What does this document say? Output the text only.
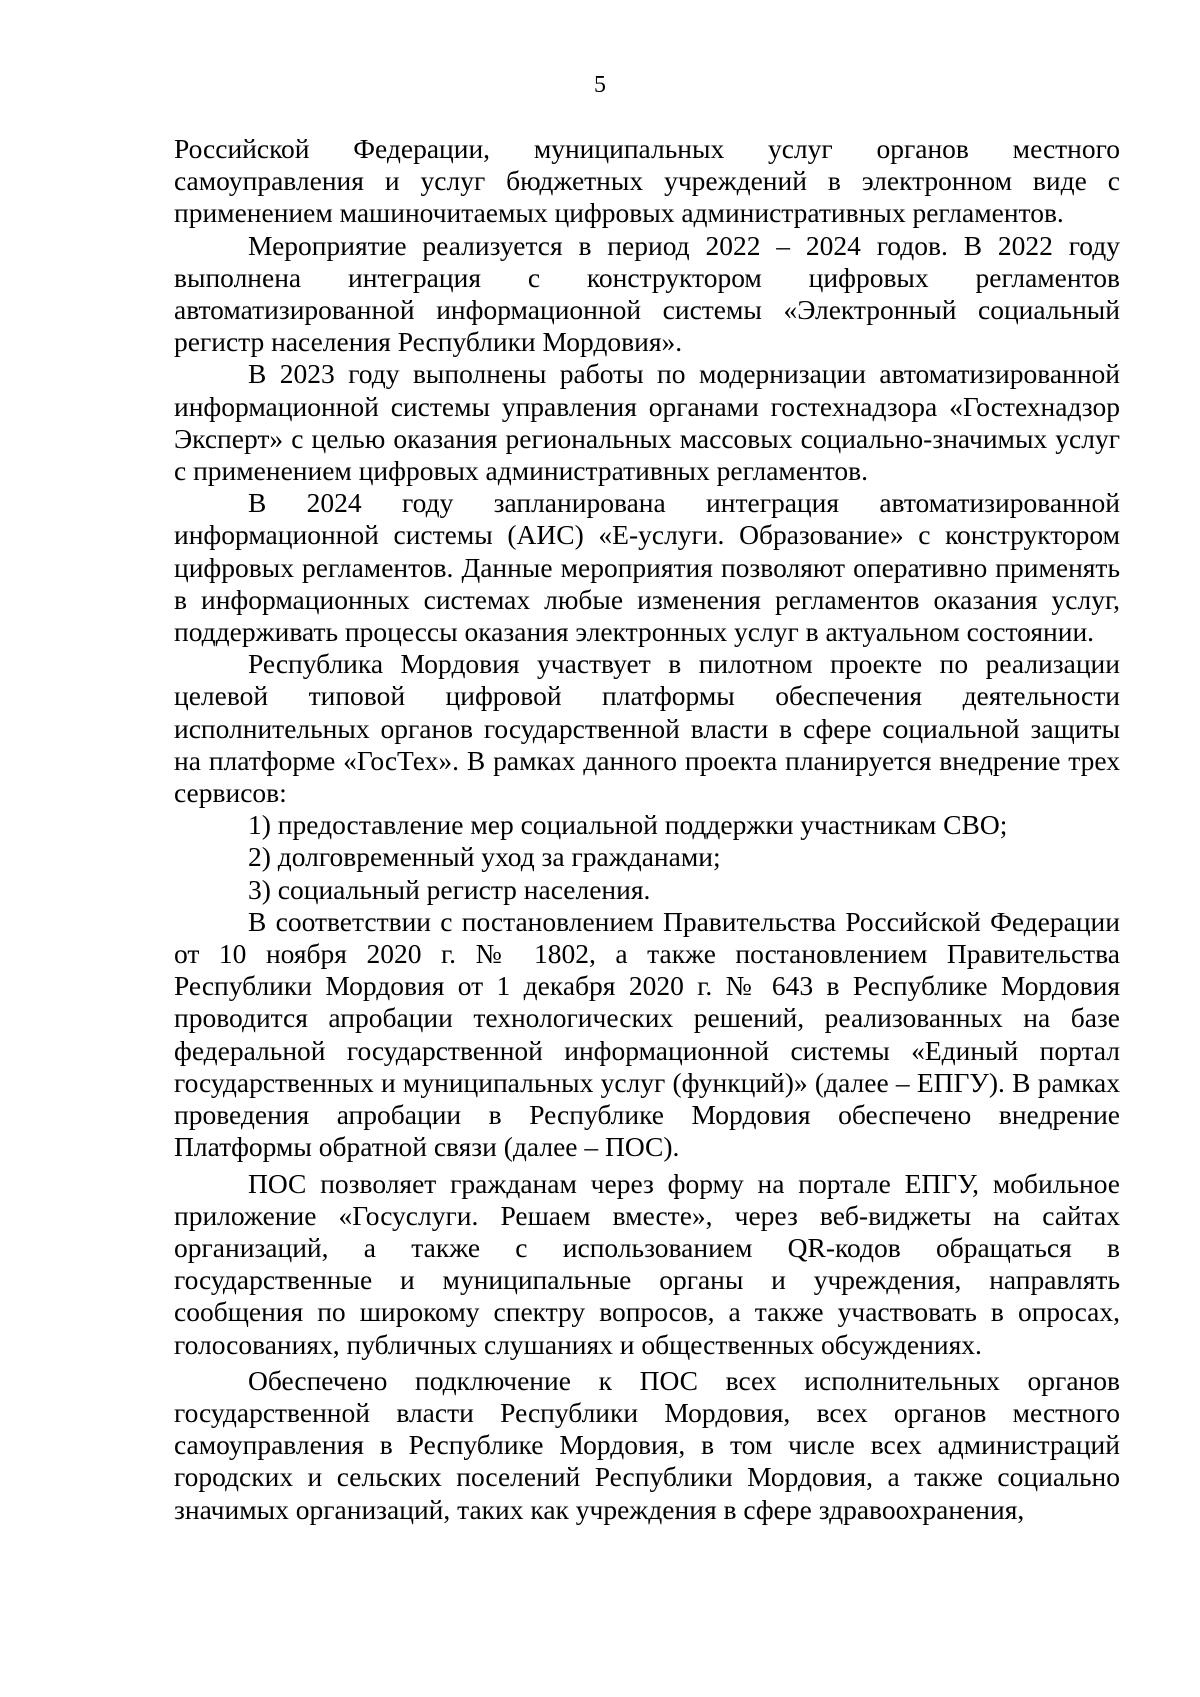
5

Российской Федерации, муниципальных услуг органов местного самоуправления и услуг бюджетных учреждений в электронном виде с применением машиночитаемых цифровых административных регламентов.

Мероприятие реализуется в период 2022 – 2024 годов. В 2022 году выполнена интеграция с конструктором цифровых регламентов автоматизированной информационной системы «Электронный социальный регистр населения Республики Мордовия».

В 2023 году выполнены работы по модернизации автоматизированной информационной системы управления органами гостехнадзора «Гостехнадзор Эксперт» с целью оказания региональных массовых социально-значимых услуг с применением цифровых административных регламентов.

В 2024 году запланирована интеграция автоматизированной информационной системы (АИС) «Е-услуги. Образование» с конструктором цифровых регламентов. Данные мероприятия позволяют оперативно применять в информационных системах любые изменения регламентов оказания услуг, поддерживать процессы оказания электронных услуг в актуальном состоянии.

Республика Мордовия участвует в пилотном проекте по реализации целевой типовой цифровой платформы обеспечения деятельности исполнительных органов государственной власти в сфере социальной защиты на платформе «ГосТех». В рамках данного проекта планируется внедрение трех сервисов:

1) предоставление мер социальной поддержки участникам СВО;

2) долговременный уход за гражданами;

3) социальный регистр населения.

В соответствии с постановлением Правительства Российской Федерации от 10 ноября 2020 г. № 1802, а также постановлением Правительства Республики Мордовия от 1 декабря 2020 г. № 643 в Республике Мордовия проводится апробации технологических решений, реализованных на базе федеральной государственной информационной системы «Единый портал государственных и муниципальных услуг (функций)» (далее – ЕПГУ). В рамках проведения апробации в Республике Мордовия обеспечено внедрение Платформы обратной связи (далее – ПОС).

ПОС позволяет гражданам через форму на портале ЕПГУ, мобильное приложение «Госуслуги. Решаем вместе», через веб-виджеты на сайтах организаций, а также с использованием QR-кодов обращаться в государственные и муниципальные органы и учреждения, направлять сообщения по широкому спектру вопросов, а также участвовать в опросах, голосованиях, публичных слушаниях и общественных обсуждениях.

Обеспечено подключение к ПОС всех исполнительных органов государственной власти Республики Мордовия, всех органов местного самоуправления в Республике Мордовия, в том числе всех администраций городских и сельских поселений Республики Мордовия, а также социально значимых организаций, таких как учреждения в сфере здравоохранения,
